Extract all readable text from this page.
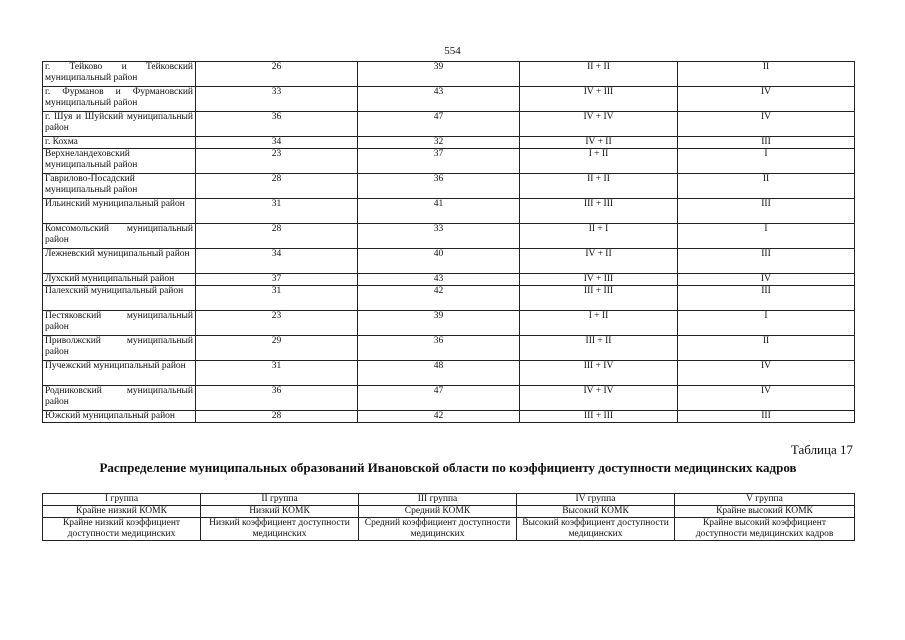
554
г. Тейково и Тейковский муниципальный район	26	39	II + II	II
г. Фурманов и Фурмановский муниципальный район	33	43	IV + III	IV
г. Шуя и Шуйский муниципальный район	36	47	IV + IV	IV
г. Кохма	34	32	IV + II	III
Верхнеландеховский муниципальный район	23	37	I + II	I
Гаврилово-Посадский муниципальный район	28	36	II + II	II
Ильинский муниципальный район	31	41	III + III	III
Комсомольский муниципальный район	28	33	II + I	I
Лежневский муниципальный район	34	40	IV + II	III
Лухский муниципальный район	37	43	IV + III	IV
Палехский муниципальный район	31	42	III + III	III
Пестяковский муниципальный район	23	39	I + II	I
Приволжский муниципальный район	29	36	III + II	II
Пучежский муниципальный район	31	48	III + IV	IV
Родниковский муниципальный район	36	47	IV + IV	IV
Южский муниципальный район	28	42	III + III	III
Таблица 17
Распределение муниципальных образований Ивановской области по коэффициенту доступности медицинских кадров
I группа	II группа	III группа	IV группа	V группа
Крайне низкий КОМК	Низкий КОМК	Средний КОМК	Высокий КОМК	Крайне высокий КОМК
Крайне низкий коэффициент доступности медицинских	Низкий коэффициент доступности медицинских	Средний коэффициент доступности медицинских	Высокий коэффициент доступности медицинских	Крайне высокий коэффициент доступности медицинских кадров
